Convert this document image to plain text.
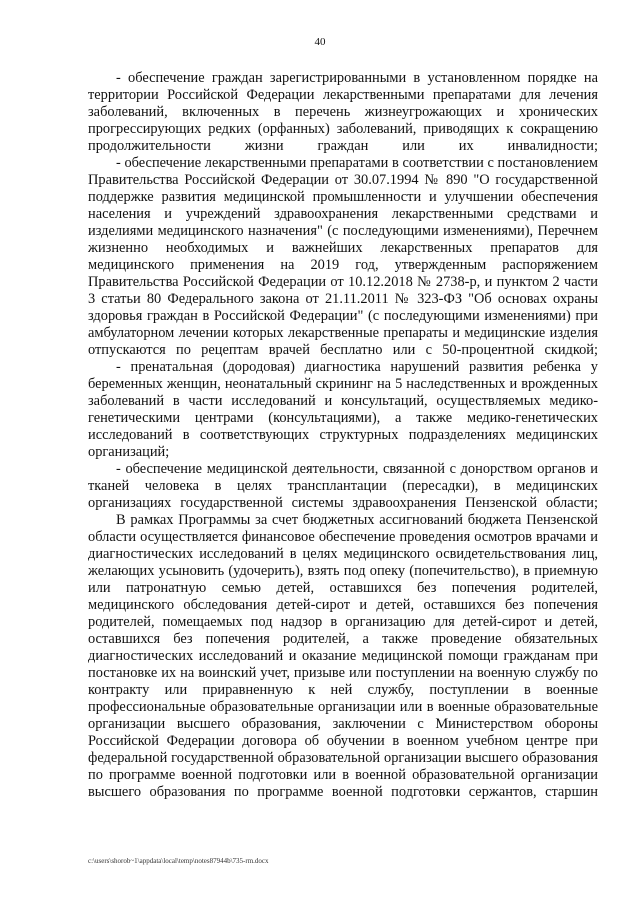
40

- обеспечение граждан зарегистрированными в установленном порядке на территории Российской Федерации лекарственными препаратами для лечения заболеваний, включенных в перечень жизнеугрожающих и хронических прогрессирующих редких (орфанных) заболеваний, приводящих к сокращению продолжительности жизни граждан или их инвалидности;

- обеспечение лекарственными препаратами в соответствии с постановлением Правительства Российской Федерации от 30.07.1994 № 890 "О государственной поддержке развития медицинской промышленности и улучшении обеспечения населения и учреждений здравоохранения лекарственными средствами и изделиями медицинского назначения" (с последующими изменениями), Перечнем жизненно необходимых и важнейших лекарственных препаратов для медицинского применения на 2019 год, утвержденным распоряжением Правительства Российской Федерации от 10.12.2018 № 2738-р, и пунктом 2 части 3 статьи 80 Федерального закона от 21.11.2011 № 323-ФЗ "Об основах охраны здоровья граждан в Российской Федерации" (с последующими изменениями) при амбулаторном лечении которых лекарственные препараты и медицинские изделия отпускаются по рецептам врачей бесплатно или с 50-процентной скидкой;

- пренатальная (дородовая) диагностика нарушений развития ребенка у беременных женщин, неонатальный скрининг на 5 наследственных и врожденных заболеваний в части исследований и консультаций, осуществляемых медико-генетическими центрами (консультациями), а также медико-генетических исследований в соответствующих структурных подразделениях медицинских организаций;

- обеспечение медицинской деятельности, связанной с донорством органов и тканей человека в целях трансплантации (пересадки), в медицинских организациях государственной системы здравоохранения Пензенской области;

В рамках Программы за счет бюджетных ассигнований бюджета Пензенской области осуществляется финансовое обеспечение проведения осмотров врачами и диагностических исследований в целях медицинского освидетельствования лиц, желающих усыновить (удочерить), взять под опеку (попечительство), в приемную или патронатную семью детей, оставшихся без попечения родителей, медицинского обследования детей-сирот и детей, оставшихся без попечения родителей, помещаемых под надзор в организацию для детей-сирот и детей, оставшихся без попечения родителей, а также проведение обязательных диагностических исследований и оказание медицинской помощи гражданам при постановке их на воинский учет, призыве или поступлении на военную службу по контракту или приравненную к ней службу, поступлении в военные профессиональные образовательные организации или в военные образовательные организации высшего образования, заключении с Министерством обороны Российской Федерации договора об обучении в военном учебном центре при федеральной государственной образовательной организации высшего образования по программе военной подготовки или в военной образовательной организации высшего образования по программе военной подготовки сержантов, старшин

c:\users\shorob~1\appdata\local\temp\notes87944b\735-rm.docx
